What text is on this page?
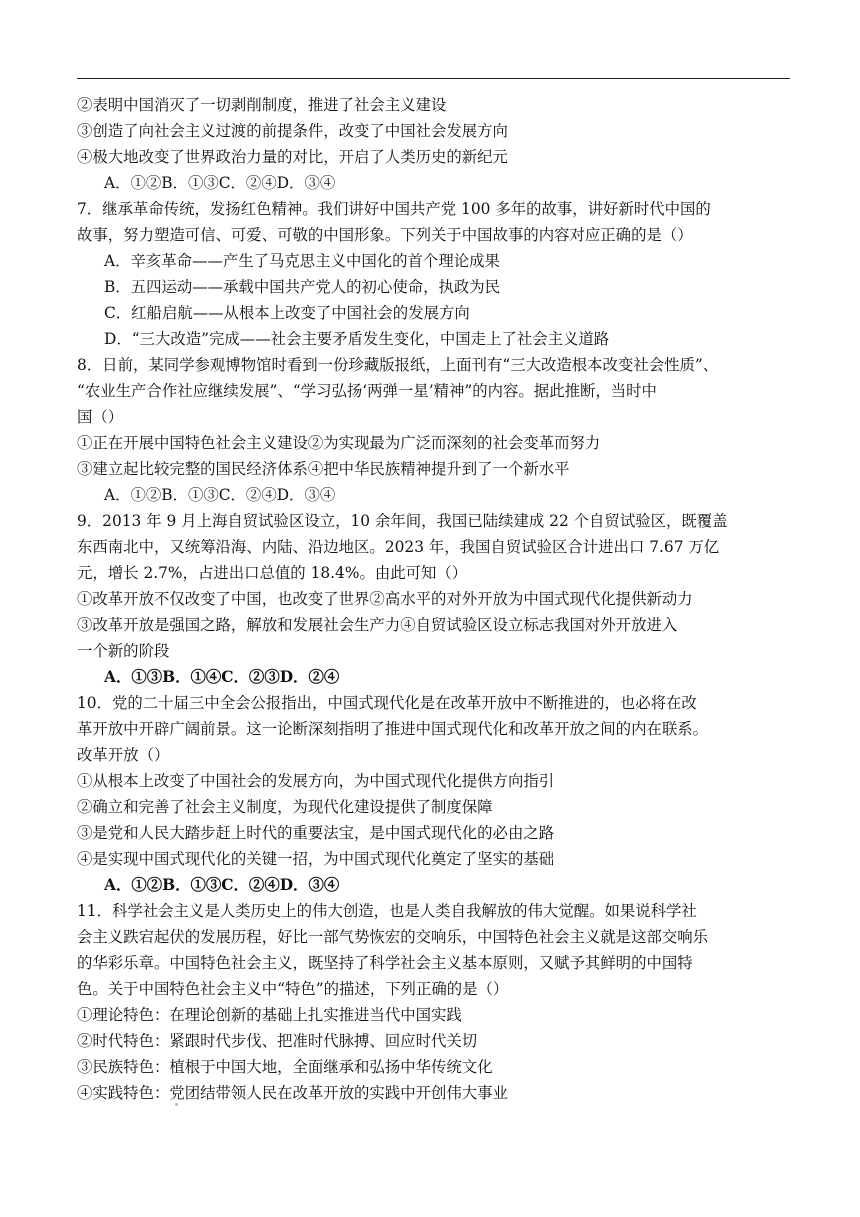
②表明中国消灭了一切剥削制度，推进了社会主义建设
③创造了向社会主义过渡的前提条件，改变了中国社会发展方向
④极大地改变了世界政治力量的对比，开启了人类历史的新纪元
A．①②B．①③C．②④D．③④
7．继承革命传统，发扬红色精神。我们讲好中国共产党 100 多年的故事，讲好新时代中国的
故事，努力塑造可信、可爱、可敬的中国形象。下列关于中国故事的内容对应正确的是（）
A．辛亥革命——产生了马克思主义中国化的首个理论成果
B．五四运动——承载中国共产党人的初心使命，执政为民
C．红船启航——从根本上改变了中国社会的发展方向
D．“三大改造”完成——社会主要矛盾发生变化，中国走上了社会主义道路
8．日前，某同学参观博物馆时看到一份珍藏版报纸，上面刊有“三大改造根本改变社会性质”、
“农业生产合作社应继续发展”、“学习弘扬‘两弹一星’精神”的内容。据此推断，当时中
国（）
①正在开展中国特色社会主义建设②为实现最为广泛而深刻的社会变革而努力
③建立起比较完整的国民经济体系④把中华民族精神提升到了一个新水平
A．①②B．①③C．②④D．③④
9．2013 年 9 月上海自贸试验区设立，10 余年间，我国已陆续建成 22 个自贸试验区，既覆盖
东西南北中，又统筹沿海、内陆、沿边地区。2023 年，我国自贸试验区合计进出口 7.67 万亿
元，增长 2.7%，占进出口总值的 18.4%。由此可知（）
①改革开放不仅改变了中国，也改变了世界②高水平的对外开放为中国式现代化提供新动力
③改革开放是强国之路，解放和发展社会生产力④自贸试验区设立标志我国对外开放进入
一个新的阶段
A．①③B．①④C．②③D．②④
10．党的二十届三中全会公报指出，中国式现代化是在改革开放中不断推进的，也必将在改
革开放中开辟广阔前景。这一论断深刻指明了推进中国式现代化和改革开放之间的内在联系。
改革开放（）
①从根本上改变了中国社会的发展方向，为中国式现代化提供方向指引
②确立和完善了社会主义制度，为现代化建设提供了制度保障
③是党和人民大踏步赶上时代的重要法宝，是中国式现代化的必由之路
④是实现中国式现代化的关键一招，为中国式现代化奠定了坚实的基础
A．①②B．①③C．②④D．③④
11．科学社会主义是人类历史上的伟大创造，也是人类自我解放的伟大觉醒。如果说科学社
会主义跌宕起伏的发展历程，好比一部气势恢宏的交响乐，中国特色社会主义就是这部交响乐
的华彩乐章。中国特色社会主义，既坚持了科学社会主义基本原则，又赋予其鲜明的中国特
色。关于中国特色社会主义中“特色”的描述，下列正确的是（）
①理论特色：在理论创新的基础上扎实推进当代中国实践
②时代特色：紧跟时代步伐、把准时代脉搏、回应时代关切
③民族特色：植根于中国大地，全面继承和弘扬中华传统文化
④实践特色：党团结带领人民在改革开放的实践中开创伟大事业
